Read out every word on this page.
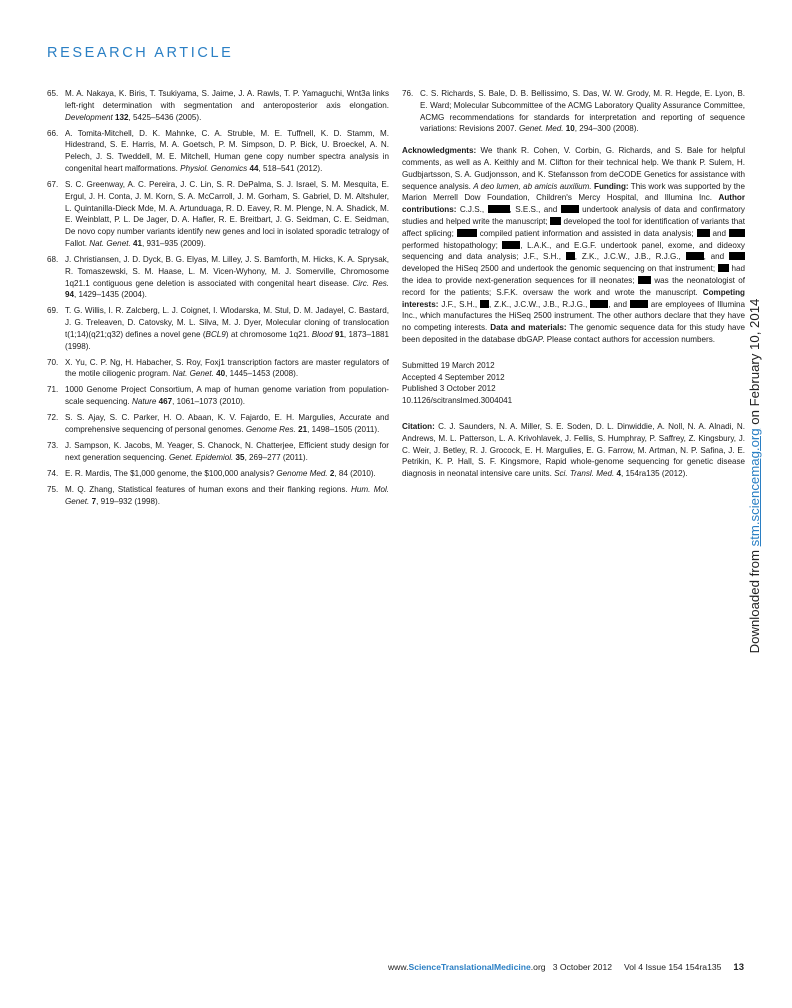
RESEARCH ARTICLE
65. M. A. Nakaya, K. Biris, T. Tsukiyama, S. Jaime, J. A. Rawls, T. P. Yamaguchi, Wnt3a links left-right determination with segmentation and anteroposterior axis elongation. Development 132, 5425–5436 (2005).
66. A. Tomita-Mitchell, D. K. Mahnke, C. A. Struble, M. E. Tuffnell, K. D. Stamm, M. Hidestrand, S. E. Harris, M. A. Goetsch, P. M. Simpson, D. P. Bick, U. Broeckel, A. N. Pelech, J. S. Tweddell, M. E. Mitchell, Human gene copy number spectra analysis in congenital heart malformations. Physiol. Genomics 44, 518–541 (2012).
67. S. C. Greenway, A. C. Pereira, J. C. Lin, S. R. DePalma, S. J. Israel, S. M. Mesquita, E. Ergul, J. H. Conta, J. M. Korn, S. A. McCarroll, J. M. Gorham, S. Gabriel, D. M. Altshuler, L. Quintanilla-Dieck Mde, M. A. Artunduaga, R. D. Eavey, R. M. Plenge, N. A. Shadick, M. E. Weinblatt, P. L. De Jager, D. A. Hafler, R. E. Breitbart, J. G. Seidman, C. E. Seidman, De novo copy number variants identify new genes and loci in isolated sporadic tetralogy of Fallot. Nat. Genet. 41, 931–935 (2009).
68. J. Christiansen, J. D. Dyck, B. G. Elyas, M. Lilley, J. S. Bamforth, M. Hicks, K. A. Sprysak, R. Tomaszewski, S. M. Haase, L. M. Vicen-Wyhony, M. J. Somerville, Chromosome 1q21.1 contiguous gene deletion is associated with congenital heart disease. Circ. Res. 94, 1429–1435 (2004).
69. T. G. Willis, I. R. Zalcberg, L. J. Coignet, I. Wlodarska, M. Stul, D. M. Jadayel, C. Bastard, J. G. Treleaven, D. Catovsky, M. L. Silva, M. J. Dyer, Molecular cloning of translocation t(1;14)(q21;q32) defines a novel gene (BCL9) at chromosome 1q21. Blood 91, 1873–1881 (1998).
70. X. Yu, C. P. Ng, H. Habacher, S. Roy, Foxj1 transcription factors are master regulators of the motile ciliogenic program. Nat. Genet. 40, 1445–1453 (2008).
71. 1000 Genome Project Consortium, A map of human genome variation from population-scale sequencing. Nature 467, 1061–1073 (2010).
72. S. S. Ajay, S. C. Parker, H. O. Abaan, K. V. Fajardo, E. H. Margulies, Accurate and comprehensive sequencing of personal genomes. Genome Res. 21, 1498–1505 (2011).
73. J. Sampson, K. Jacobs, M. Yeager, S. Chanock, N. Chatterjee, Efficient study design for next generation sequencing. Genet. Epidemiol. 35, 269–277 (2011).
74. E. R. Mardis, The $1,000 genome, the $100,000 analysis? Genome Med. 2, 84 (2010).
75. M. Q. Zhang, Statistical features of human exons and their flanking regions. Hum. Mol. Genet. 7, 919–932 (1998).
76. C. S. Richards, S. Bale, D. B. Bellissimo, S. Das, W. W. Grody, M. R. Hegde, E. Lyon, B. E. Ward; Molecular Subcommittee of the ACMG Laboratory Quality Assurance Committee, ACMG recommendations for standards for interpretation and reporting of sequence variations: Revisions 2007. Genet. Med. 10, 294–300 (2008).
Acknowledgments: We thank R. Cohen, V. Corbin, G. Richards, and S. Bale for helpful comments, as well as A. Keithly and M. Clifton for their technical help. We thank P. Sulem, H. Gudbjartsson, S. A. Gudjonsson, and K. Stefansson from deCODE Genetics for assistance with sequence analysis. A deo lumen, ab amicis auxilium. Funding: This work was supported by the Marion Merrell Dow Foundation, Children's Mercy Hospital, and Illumina Inc. Author contributions: C.J.S.,	, S.E.S., and  undertook analysis of data and confirmatory studies and helped write the manuscript;  developed the tool for identification of variants that affect splicing;  compiled patient information and assisted in data analysis;  and  performed histopathology; , L.A.K., and E.G.F. undertook panel, exome, and dideoxy sequencing and data analysis; J.F., S.H., , Z.K., J.C.W., J.B., R.J.G., , and  developed the HiSeq 2500 and undertook the genomic sequencing on that instrument;  had the idea to provide next-generation sequences for ill neonates;  was the neonatologist of record for the patients; S.F.K. oversaw the work and wrote the manuscript. Competing interests: J.F., S.H., , Z.K., J.C.W., J.B., R.J.G., , and  are employees of Illumina Inc., which manufactures the HiSeq 2500 instrument. The other authors declare that they have no competing interests. Data and materials: The genomic sequence data for this study have been deposited in the database dbGAP. Please contact authors for accession numbers.
Submitted 19 March 2012
Accepted 4 September 2012
Published 3 October 2012
10.1126/scitranslmed.3004041
Citation: C. J. Saunders, N. A. Miller, S. E. Soden, D. L. Dinwiddie, A. Noll, N. A. Alnadi, N. Andrews, M. L. Patterson, L. A. Krivohlavek, J. Fellis, S. Humphray, P. Saffrey, Z. Kingsbury, J. C. Weir, J. Betley, R. J. Grocock, E. H. Margulies, E. G. Farrow, M. Artman, N. P. Safina, J. E. Petrikin, K. P. Hall, S. F. Kingsmore, Rapid whole-genome sequencing for genetic disease diagnosis in neonatal intensive care units. Sci. Transl. Med. 4, 154ra135 (2012).
Downloaded from stm.sciencemag.org on February 10, 2014
www.ScienceTranslationalMedicine.org 3 October 2012     Vol 4 Issue 154 154ra135 13
